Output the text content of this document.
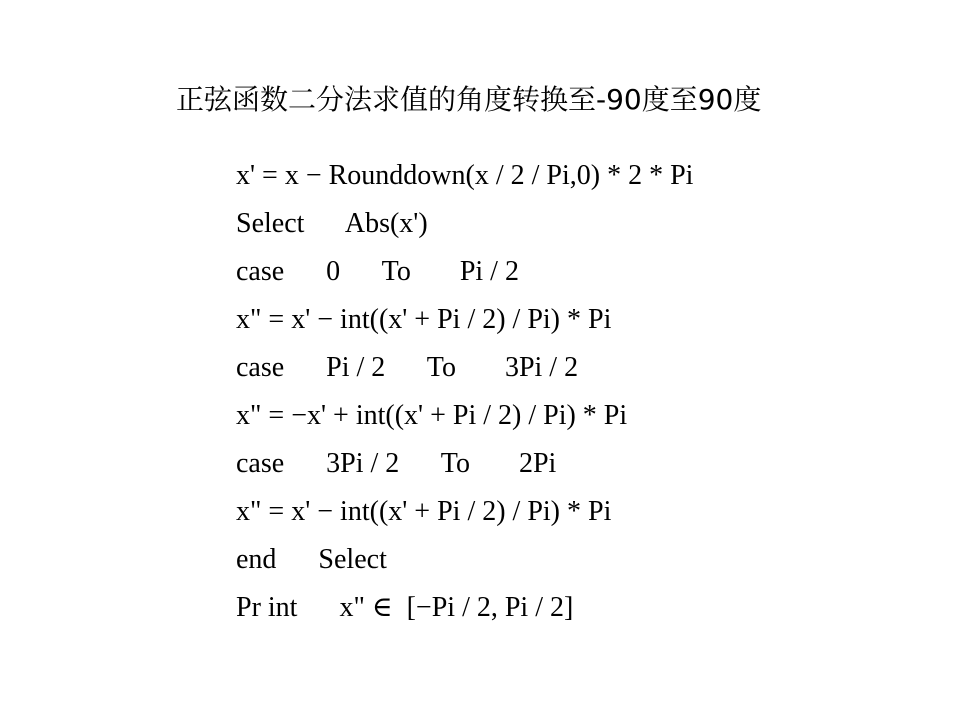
正弦函数二分法求值的角度转换至-90度至90度
x' = x − Rounddown(x / 2 / Pi,0) * 2 * Pi
Select      Abs(x')
case      0      To       Pi / 2
x" = x' − int((x' + Pi / 2) / Pi) * Pi
case      Pi / 2      To       3Pi / 2
x" = −x' + int((x' + Pi / 2) / Pi) * Pi
case      3Pi / 2      To       2Pi
x" = x' − int((x' + Pi / 2) / Pi) * Pi
end      Select
Pr int      x" ∈  [−Pi / 2, Pi / 2]
